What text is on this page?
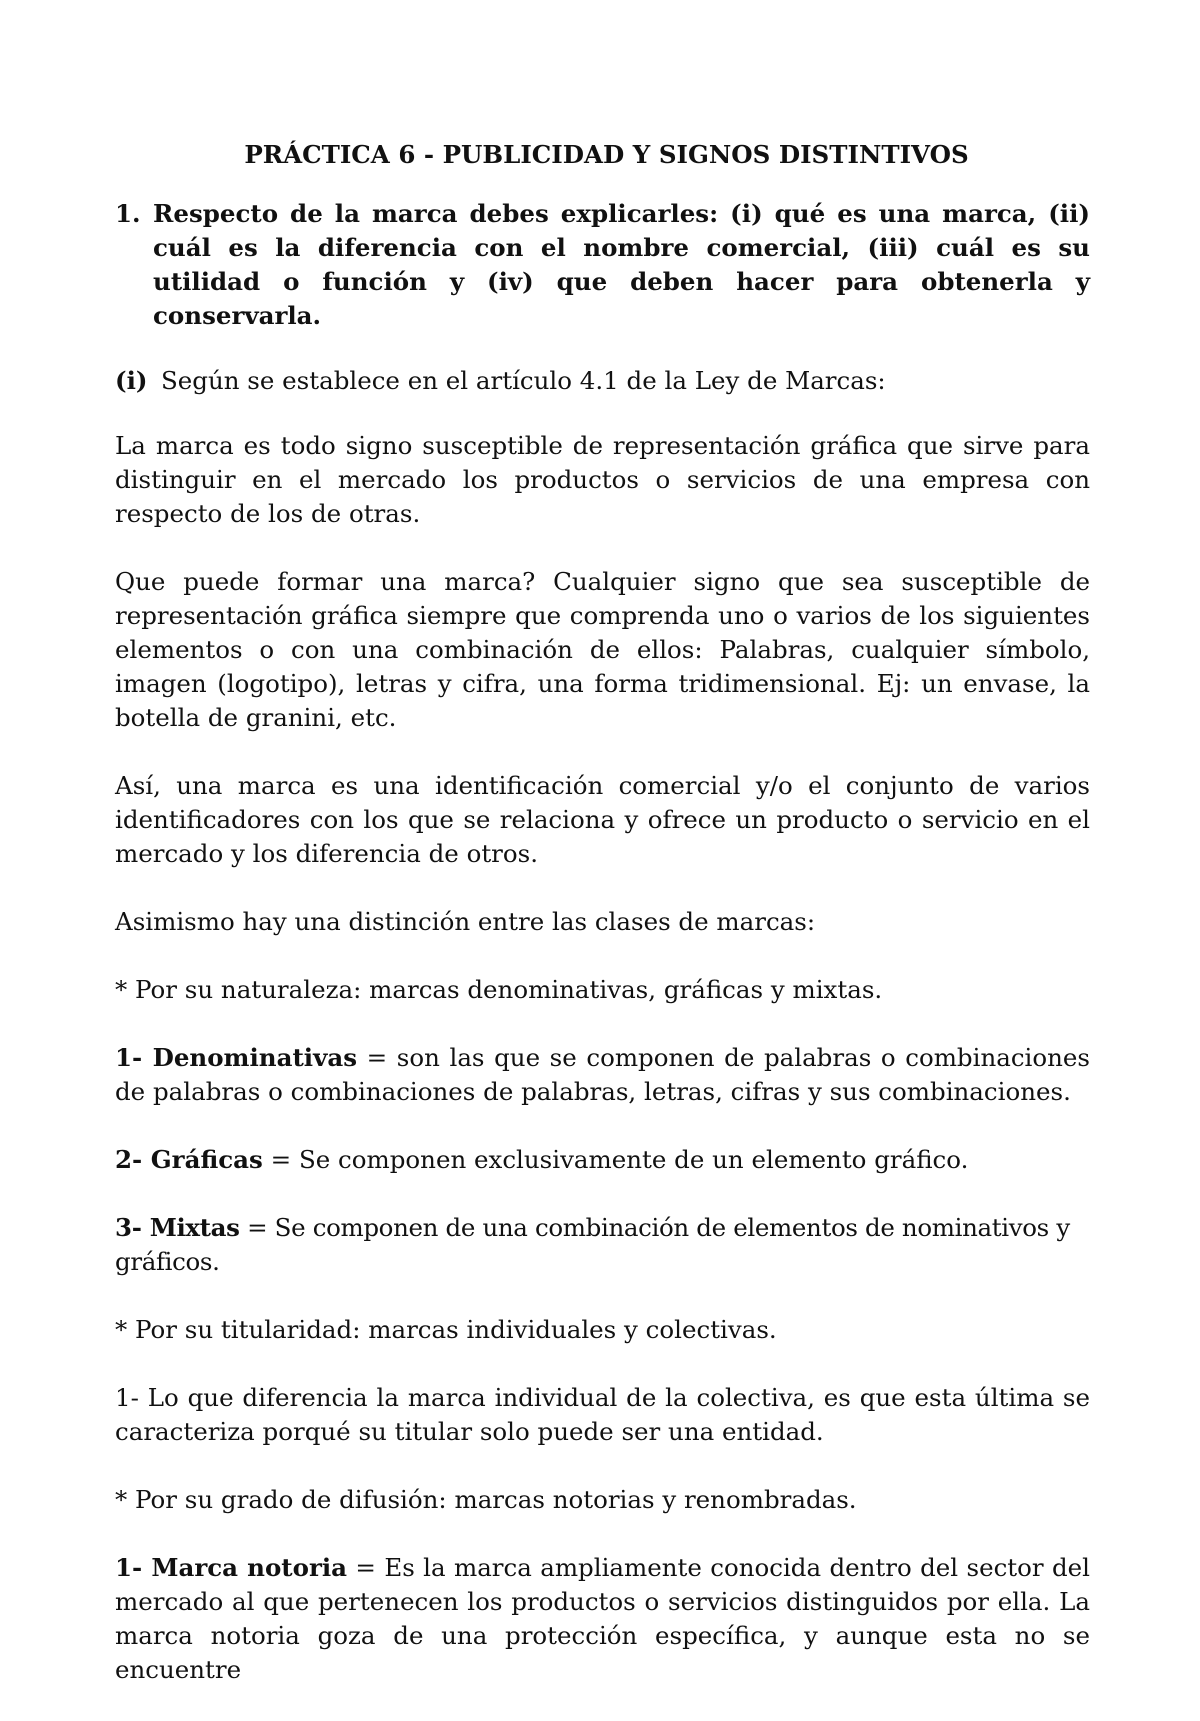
PRÁCTICA 6 - PUBLICIDAD Y SIGNOS DISTINTIVOS
1. Respecto de la marca debes explicarles: (i) qué es una marca, (ii) cuál es la diferencia con el nombre comercial, (iii) cuál es su utilidad o función y (iv) que deben hacer para obtenerla y conservarla.
(i) Según se establece en el artículo 4.1 de la Ley de Marcas:

La marca es todo signo susceptible de representación gráfica que sirve para distinguir en el mercado los productos o servicios de una empresa con respecto de los de otras.

Que puede formar una marca? Cualquier signo que sea susceptible de representación gráfica siempre que comprenda uno o varios de los siguientes elementos o con una combinación de ellos: Palabras, cualquier símbolo, imagen (logotipo), letras y cifra, una forma tridimensional. Ej: un envase, la botella de granini, etc.

Así, una marca es una identificación comercial y/o el conjunto de varios identificadores con los que se relaciona y ofrece un producto o servicio en el mercado y los diferencia de otros.

Asimismo hay una distinción entre las clases de marcas:

* Por su naturaleza: marcas denominativas, gráficas y mixtas.

1- Denominativas = son las que se componen de palabras o combinaciones de palabras o combinaciones de palabras, letras, cifras y sus combinaciones.

2- Gráficas = Se componen exclusivamente de un elemento gráfico.

3- Mixtas = Se componen de una combinación de elementos de nominativos y gráficos.

* Por su titularidad: marcas individuales y colectivas.

1- Lo que diferencia la marca individual de la colectiva, es que esta última se caracteriza porqué su titular solo puede ser una entidad.

* Por su grado de difusión: marcas notorias y renombradas.

1- Marca notoria = Es la marca ampliamente conocida dentro del sector del mercado al que pertenecen los productos o servicios distinguidos por ella. La marca notoria goza de una protección específica, y aunque esta no se encuentre
